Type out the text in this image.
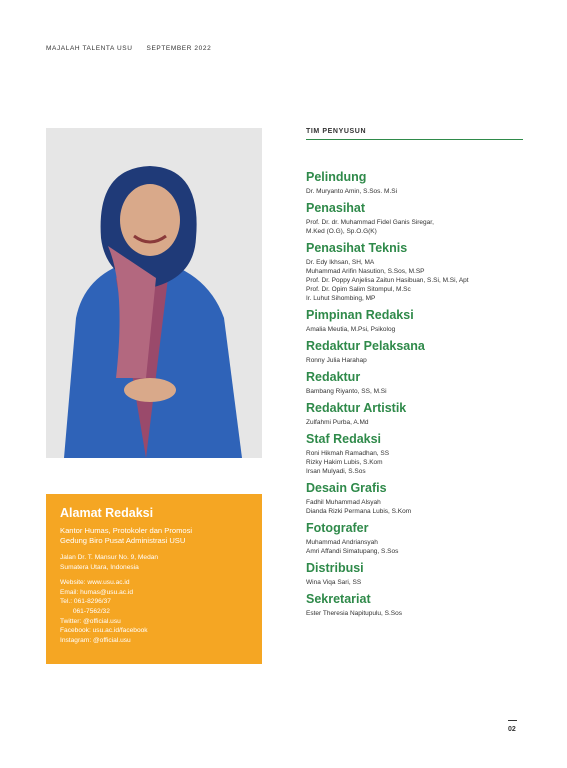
MAJALAH TALENTA USU SEPTEMBER 2022
Alamat Redaksi
Kantor Humas, Protokoler dan Promosi
Gedung Biro Pusat Administrasi USU
Jalan Dr. T. Mansur No. 9, Medan
Sumatera Utara, Indonesia
Website: www.usu.ac.id
Email: humas@usu.ac.id
Tel.: 061-8296/37
061-7562/32
Twitter: @official.usu
Facebook: usu.ac.id/facebook
Instagram: @official.usu
TIM PENYUSUN
Pelindung
Dr. Muryanto Amin, S.Sos. M.Si
Penasihat
Prof. Dr. dr. Muhammad Fidel Ganis Siregar,
M.Ked (O.G), Sp.O.G(K)
Penasihat Teknis
Dr. Edy Ikhsan, SH, MA
Muhammad Arifin Nasution, S.Sos, M.SP
Prof. Dr. Poppy Anjelisa Zaitun Hasibuan, S.Si, M.Si, Apt
Prof. Dr. Opim Salim Sitompul, M.Sc
Ir. Luhut Sihombing, MP
Pimpinan Redaksi
Amalia Meutia, M.Psi, Psikolog
Redaktur Pelaksana
Ronny Julia Harahap
Redaktur
Bambang Riyanto, SS, M.Si
Redaktur Artistik
Zulfahmi Purba, A.Md
Staf Redaksi
Roni Hikmah Ramadhan, SS
Rizky Hakim Lubis, S.Kom
Irsan Mulyadi, S.Sos
Desain Grafis
Fadhil Muhammad Alsyah
Dianda Rizki Permana Lubis, S.Kom
Fotografer
Muhammad Andriansyah
Amri Affandi Simatupang, S.Sos
Distribusi
Wina Viqa Sari, SS
Sekretariat
Ester Theresia Napitupulu, S.Sos
02
